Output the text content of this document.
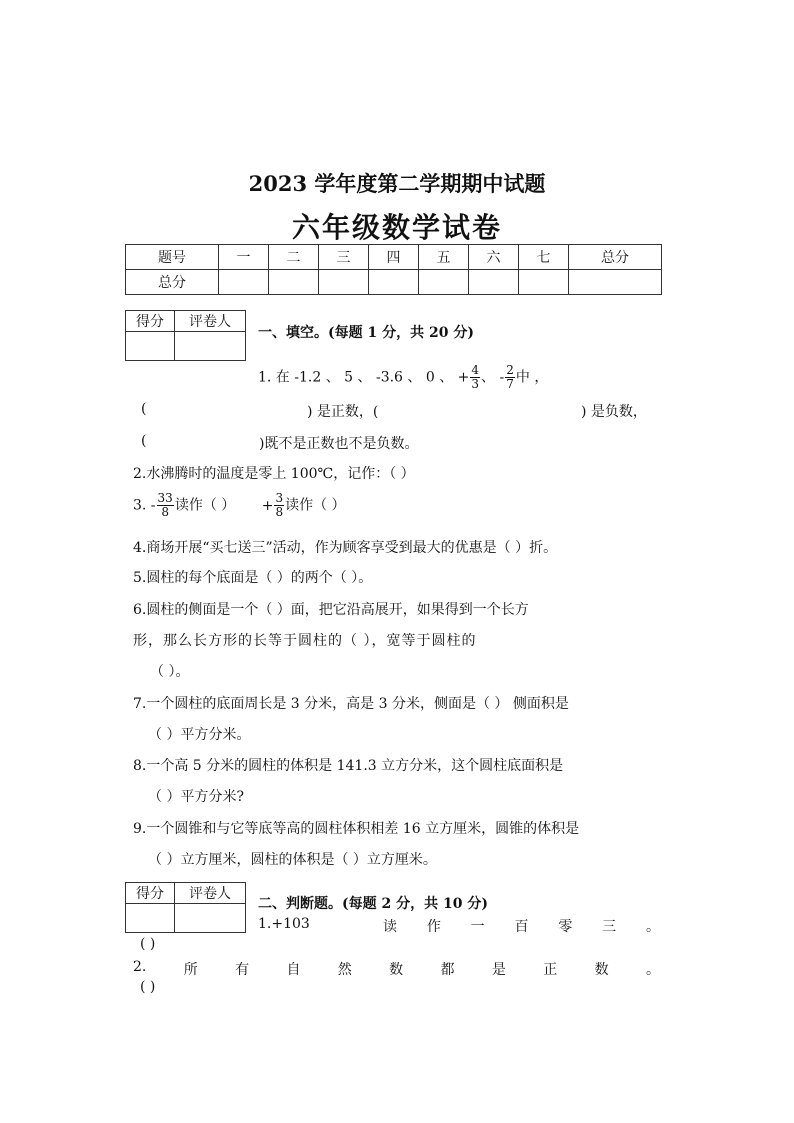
2023 学年度第二学期期中试题
六年级数学试卷
题号	一	二	三	四	五	六	七	总分
总分								
得分	评卷人

一、填空。(每题 1 分，共 20 分)
1. 在 -1.2 、 5 、 -3.6 、 0 、 + $\frac{4}{3}$ 、 - $\frac{2}{7}$ 中 ，
(	) 是正数，(	) 是负数，
(	)既不是正数也不是负数。
2.水沸腾时的温度是零上 100℃，记作：（ ）
3. - $\frac{33}{8}$ 读作（ ） + $\frac{3}{8}$ 读作（ ）
4.商场开展“买七送三”活动，作为顾客享受到最大的优惠是（ ）折。
5.圆柱的每个底面是（ ）的两个（ ）。
6.圆柱的侧面是一个（ ）面，把它沿高展开，如果得到一个长方
形，那么长方形的长等于圆柱的（ ），宽等于圆柱的
（ ）。
7.一个圆柱的底面周长是 3 分米，高是 3 分米，侧面是（ ） 侧面积是
（ ）平方分米。
8.一个高 5 分米的圆柱的体积是 141.3 立方分米，这个圆柱底面积是
（ ）平方分米?
9.一个圆锥和与它等底等高的圆柱体积相差 16 立方厘米，圆锥的体积是
（ ）立方厘米，圆柱的体积是（ ）立方厘米。
得分	评卷人

二、判断题。(每题 2 分，共 10 分)
1.+103	读 作 一 百 零 三 。
( )
2.	所	有	自	然	数	都	是	正	数	。
( )
